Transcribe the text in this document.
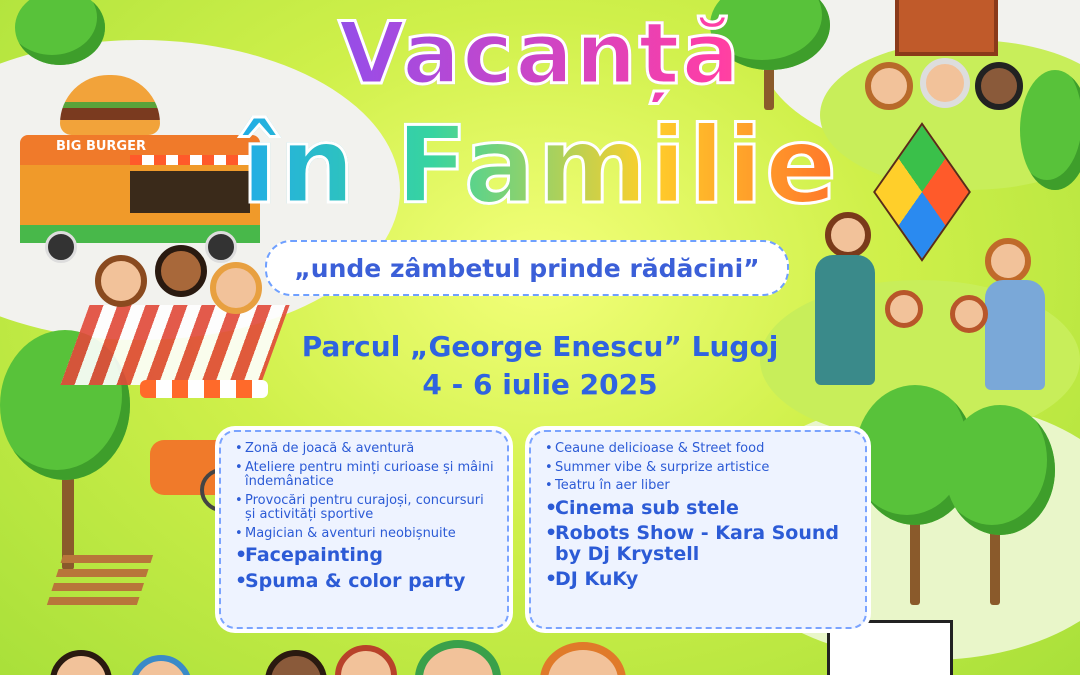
Vacanță
în Familie
„unde zâmbetul prinde rădăcini”
Parcul „George Enescu” Lugoj
4 - 6 iulie 2025
• Zonă de joacă & aventură
• Ateliere pentru minți curioase și mâini îndemânatice
• Provocări pentru curajoși, concursuri și activități sportive
• Magician & aventuri neobișnuite
• Facepainting
• Spuma & color party
• Ceaune delicioase & Street food
• Summer vibe & surprize artistice
• Teatru în aer liber
• Cinema sub stele
• Robots Show - Kara Sound by Dj Krystell
• DJ KuKy
